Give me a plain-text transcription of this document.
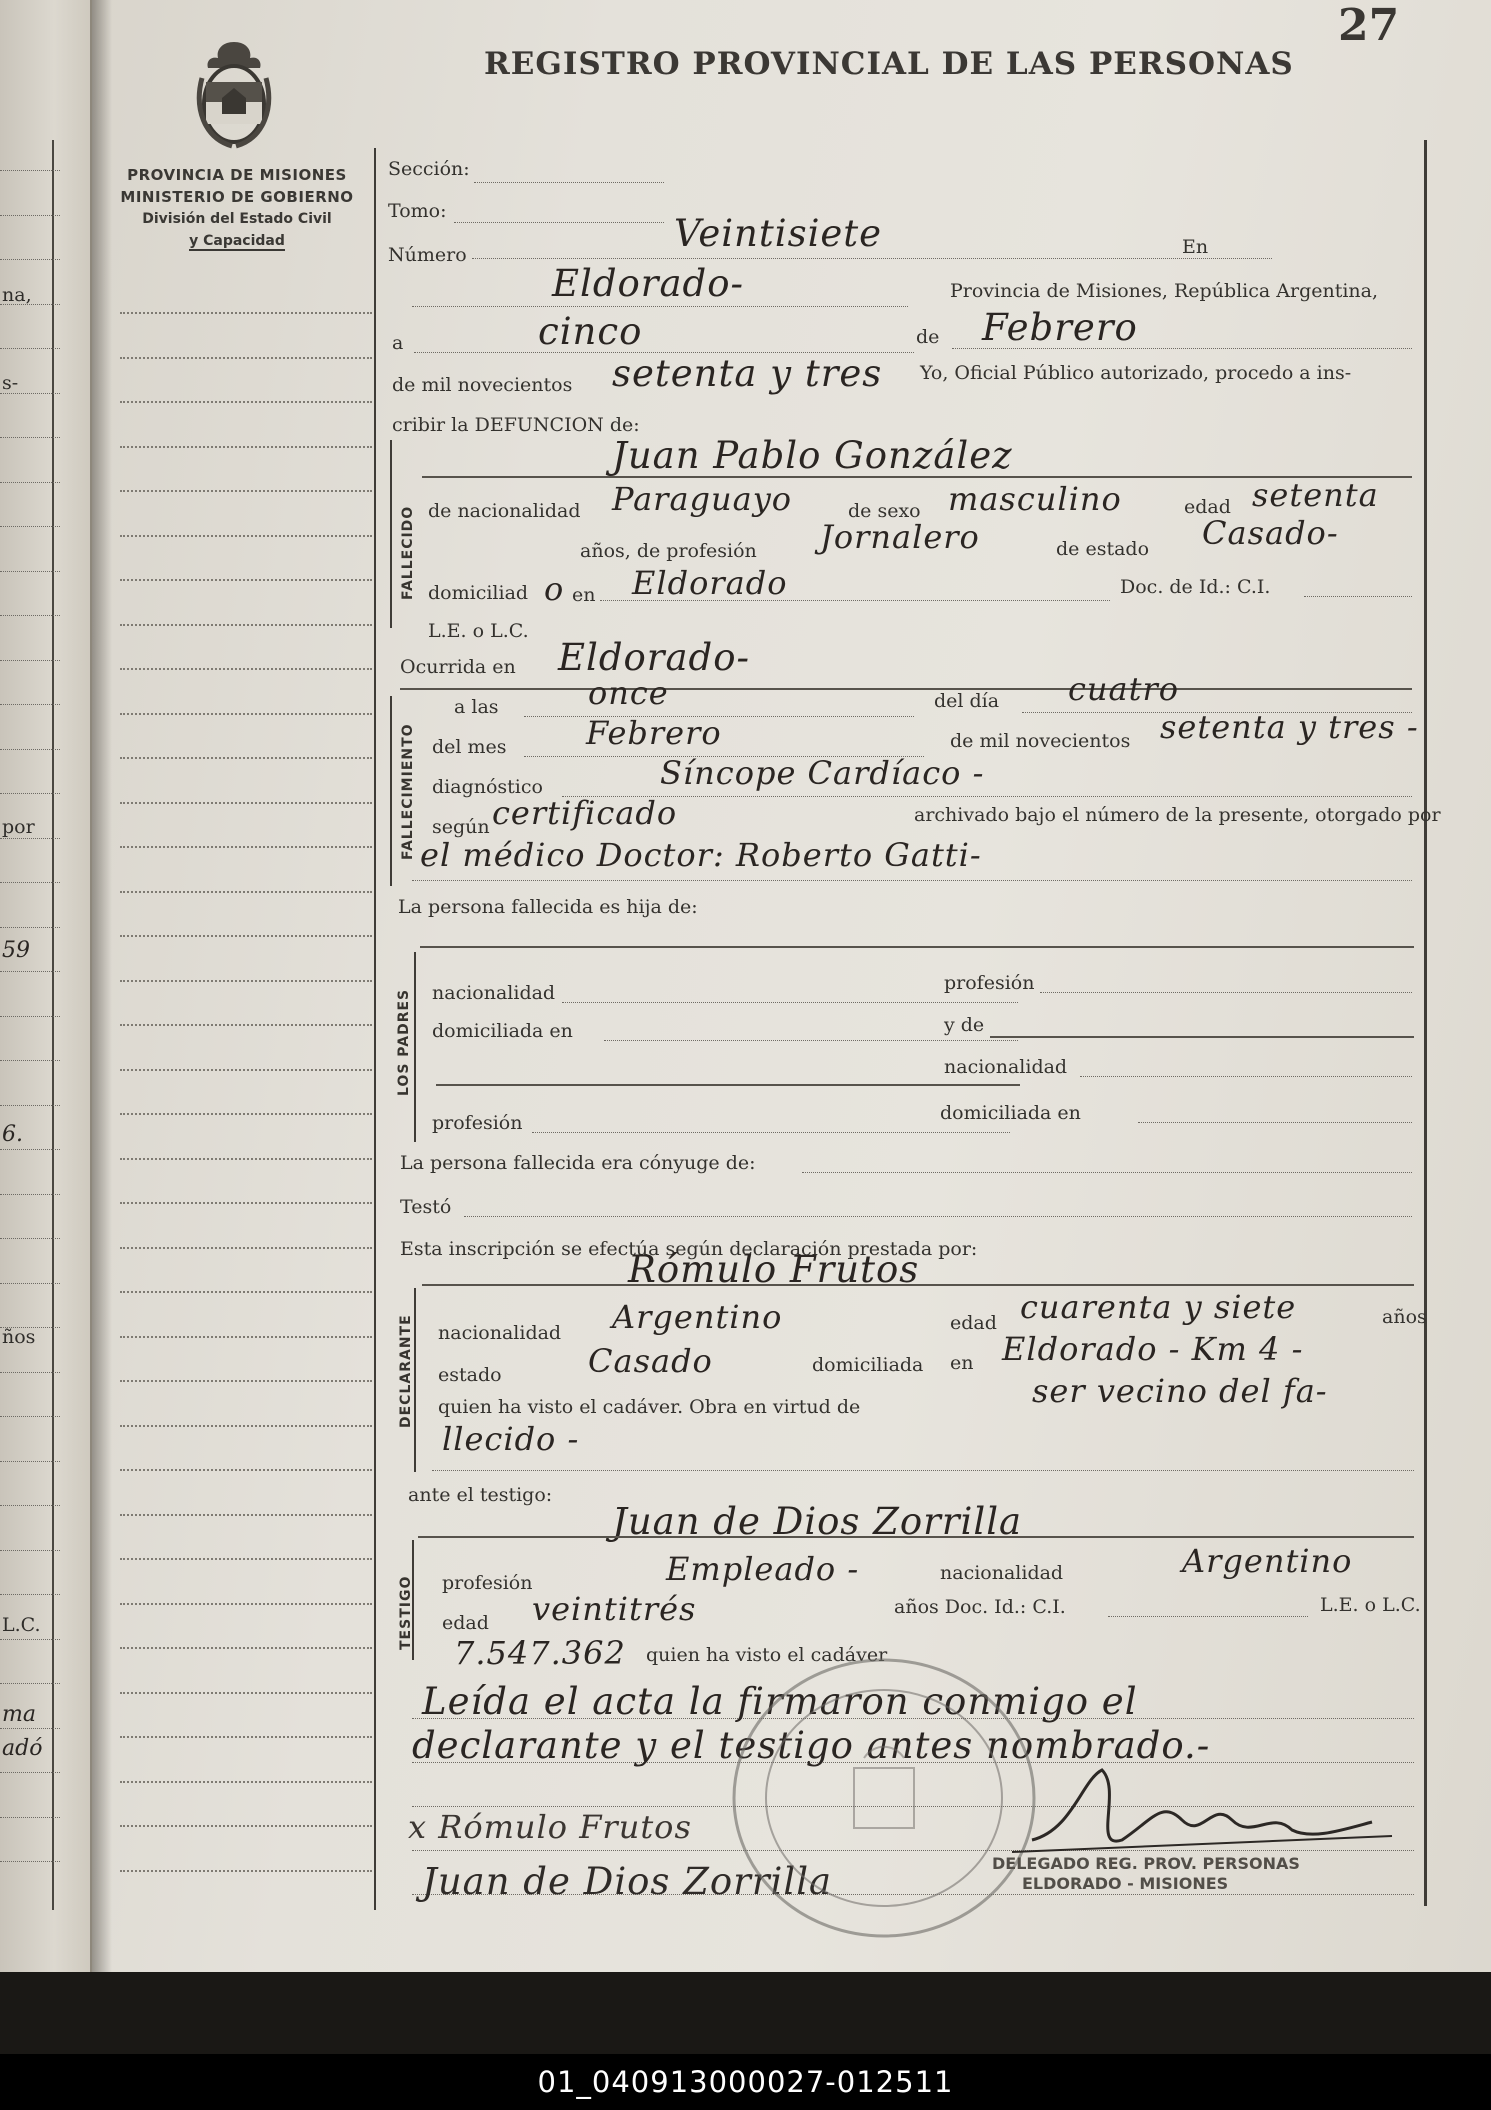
na,
s-
por
59
6.
ños
L.C.
ma
adó
27
REGISTRO PROVINCIAL DE LAS PERSONAS
PROVINCIA DE MISIONES
MINISTERIO DE GOBIERNO
División del Estado Civil
y Capacidad
Sección:
Tomo:
Número	Veintisiete	En
Eldorado-	Provincia de Misiones, República Argentina,
a	cinco	de Febrero
de mil novecientos setenta y tres Yo, Oficial Público autorizado, procedo a ins-
cribir la DEFUNCION de:
FALLECIDO
Juan Pablo González
de nacionalidad Paraguayo	de sexo masculino	edad setenta
años, de profesión Jornalero	de estado Casado-
domiciliad o en Eldorado	Doc. de Id.: C.I.
L.E. o L.C.
Ocurrida en Eldorado-
FALLECIMIENTO
a las	once	del día cuatro
del mes Febrero	de mil novecientos setenta y tres -
diagnóstico	Síncope Cardíaco -
según certificado	archivado bajo el número de la presente, otorgado por
el médico Doctor: Roberto Gatti-
La persona fallecida es hija de:
LOS PADRES nacionalidad	profesión
domiciliada en	y de
nacionalidad
profesión	domiciliada en
La persona fallecida era cónyuge de:
Testó
Esta inscripción se efectúa según declaración prestada por:
Rómulo Frutos
DECLARANTE nacionalidad Argentino	edad cuarenta y siete	años
estado	Casado	domiciliada en Eldorado - Km 4 -
quien ha visto el cadáver. Obra en virtud de	ser vecino del fa-
llecido -
ante el testigo:
Juan de Dios Zorrilla
TESTIGO profesión	Empleado -	nacionalidad	Argentino
edad veintitrés	años Doc. Id.: C.I.	L.E. o L.C.
7.547.362 quien ha visto el cadáver
Leída el acta la firmaron conmigo el
declarante y el testigo antes nombrado.-
x Rómulo Frutos
Juan de Dios Zorrilla	DELEGADO REG. PROV. PERSONAS
ELDORADO - MISIONES
01_040913000027-012511
